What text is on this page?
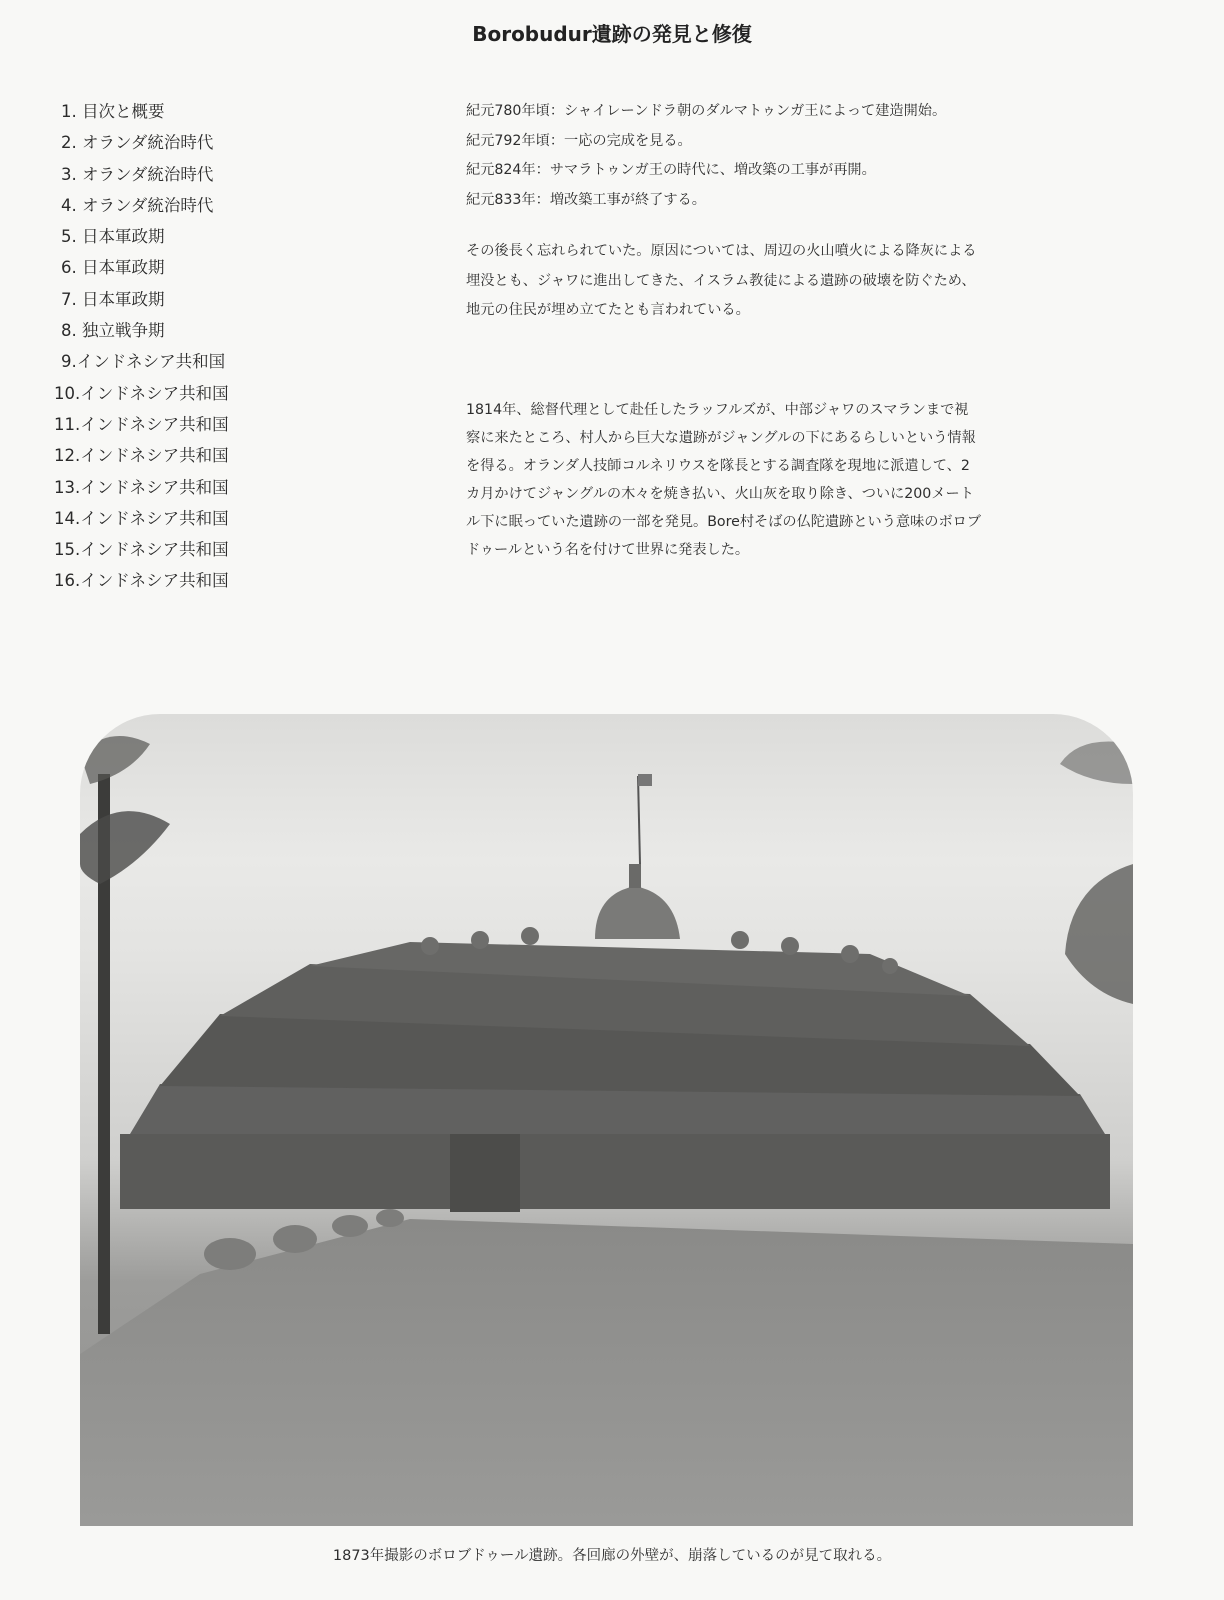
Borobudur遺跡の発見と修復
1. 目次と概要
2. オランダ統治時代
3. オランダ統治時代
4. オランダ統治時代
5. 日本軍政期
6. 日本軍政期
7. 日本軍政期
8. 独立戦争期
9.インドネシア共和国
10.インドネシア共和国
11.インドネシア共和国
12.インドネシア共和国
13.インドネシア共和国
14.インドネシア共和国
15.インドネシア共和国
16.インドネシア共和国

紀元780年頃：シャイレーンドラ朝のダルマトゥンガ王によって建造開始。

紀元792年頃：一応の完成を見る。

紀元824年：サマラトゥンガ王の時代に、増改築の工事が再開。

紀元833年：増改築工事が終了する。

その後長く忘れられていた。原因については、周辺の火山噴火による降灰による

埋没とも、ジャワに進出してきた、イスラム教徒による遺跡の破壊を防ぐため、

地元の住民が埋め立てたとも言われている。

1814年、総督代理として赴任したラッフルズが、中部ジャワのスマランまで視

察に来たところ、村人から巨大な遺跡がジャングルの下にあるらしいという情報

を得る。オランダ人技師コルネリウスを隊長とする調査隊を現地に派遣して、2

カ月かけてジャングルの木々を焼き払い、火山灰を取り除き、ついに200メート

ル下に眠っていた遺跡の一部を発見。Bore村そばの仏陀遺跡という意味のボロブ

ドゥールという名を付けて世界に発表した。

1873年撮影のボロブドゥール遺跡。各回廊の外壁が、崩落しているのが見て取れる。
